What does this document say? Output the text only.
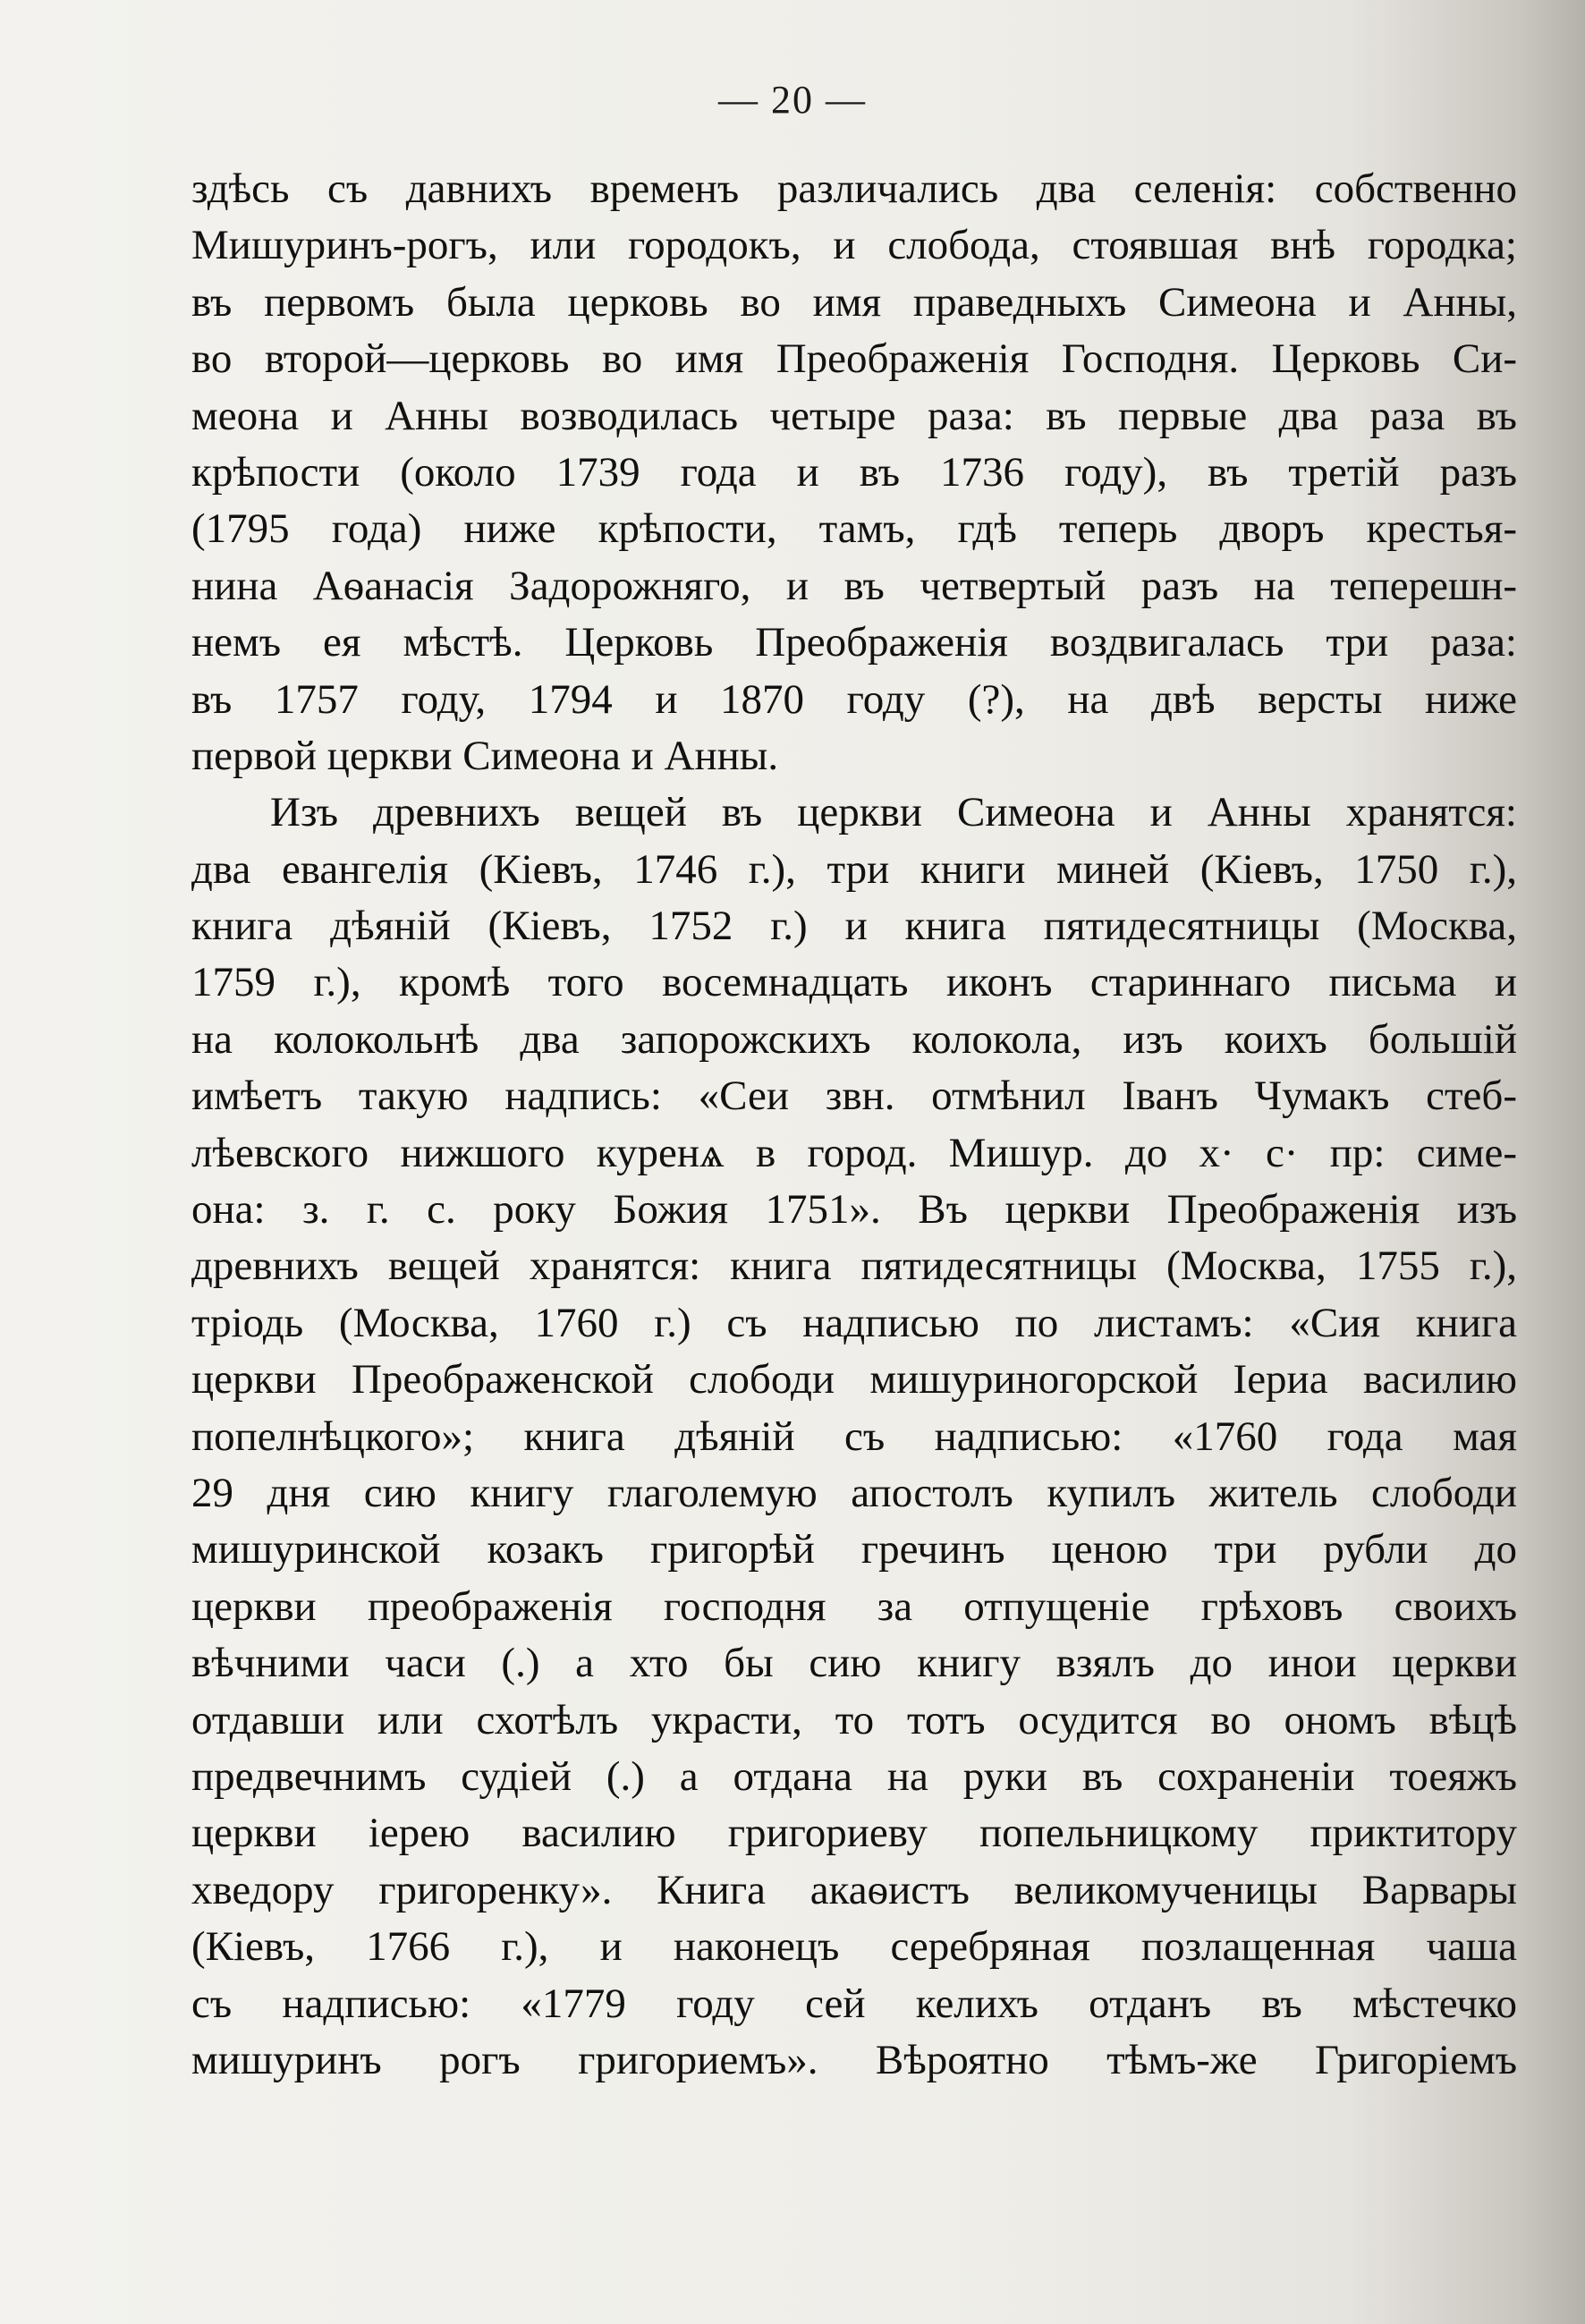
— 20 —
здѣсь съ давнихъ временъ различались два селенія: собственно
Мишуринъ-рогъ, или городокъ, и слобода, стоявшая внѣ городка;
въ первомъ была церковь во имя праведныхъ Симеона и Анны,
во второй—церковь во имя Преображенія Господня. Церковь Си-
меона и Анны возводилась четыре раза: въ первые два раза въ
крѣпости (около 1739 года и въ 1736 году), въ третій разъ
(1795 года) ниже крѣпости, тамъ, гдѣ теперь дворъ крестья-
нина Аѳанасія Задорожняго, и въ четвертый разъ на теперешн-
немъ ея мѣстѣ. Церковь Преображенія воздвигалась три раза:
въ 1757 году, 1794 и 1870 году (?), на двѣ версты ниже
первой церкви Симеона и Анны.
Изъ древнихъ вещей въ церкви Симеона и Анны хранятся:
два евангелія (Кіевъ, 1746 г.), три книги миней (Кіевъ, 1750 г.),
книга дѣяній (Кіевъ, 1752 г.) и книга пятидесятницы (Москва,
1759 г.), кромѣ того восемнадцать иконъ стариннаго письма и
на колокольнѣ два запорожскихъ колокола, изъ коихъ большій
имѣетъ такую надпись: «Сеи звн. отмѣнил Іванъ Чумакъ стеб-
лѣевского нижшого куренѧ в город. Мишур. до х· с· пр: симе-
она: з. г. с. року Божия 1751». Въ церкви Преображенія изъ
древнихъ вещей хранятся: книга пятидесятницы (Москва, 1755 г.),
тріодь (Москва, 1760 г.) съ надписью по листамъ: «Сия книга
церкви Преображенской слободи мишуриногорской Іериа василию
попелнѣцкого»; книга дѣяній съ надписью: «1760 года мая
29 дня сию книгу глаголемую апостолъ купилъ житель слободи
мишуринской козакъ григорѣй гречинъ ценою три рубли до
церкви преображенія господня за отпущеніе грѣховъ своихъ
вѣчними часи (.) а хто бы сию книгу взялъ до инои церкви
отдавши или схотѣлъ украсти, то тотъ осудится во ономъ вѣцѣ
предвечнимъ судіей (.) а отдана на руки въ сохраненіи тоеяжъ
церкви іерею василию григориеву попельницкому приктитору
хведору григоренку». Книга акаѳистъ великомученицы Варвары
(Кіевъ, 1766 г.), и наконецъ серебряная позлащенная чаша
съ надписью: «1779 году сей келихъ отданъ въ мѣстечко
мишуринъ рогъ григориемъ». Вѣроятно тѣмъ-же Григоріемъ
